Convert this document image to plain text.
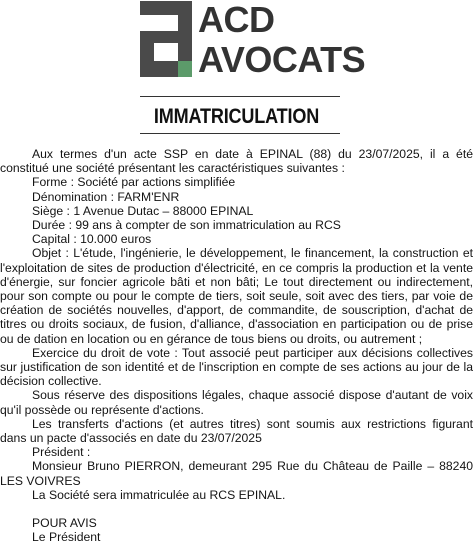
ACD
AVOCATS
IMMATRICULATION

Aux termes d'un acte SSP en date à EPINAL (88) du 23/07/2025, il a été constitué une société présentant les caractéristiques suivantes :

Forme : Société par actions simplifiée

Dénomination : FARM'ENR

Siège : 1 Avenue Dutac – 88000 EPINAL

Durée : 99 ans à compter de son immatriculation au RCS

Capital : 10.000 euros

Objet : L'étude, l'ingénierie, le développement, le financement, la construction et l'exploitation de sites de production d'électricité, en ce compris la production et la vente d'énergie, sur foncier agricole bâti et non bâti; Le tout directement ou indirectement, pour son compte ou pour le compte de tiers, soit seule, soit avec des tiers, par voie de création de sociétés nouvelles, d'apport, de commandite, de souscription, d'achat de titres ou droits sociaux, de fusion, d'alliance, d'association en participation ou de prise ou de dation en location ou en gérance de tous biens ou droits, ou autrement ;

Exercice du droit de vote : Tout associé peut participer aux décisions collectives sur justification de son identité et de l'inscription en compte de ses actions au jour de la décision collective.

Sous réserve des dispositions légales, chaque associé dispose d'autant de voix qu'il possède ou représente d'actions.

Les transferts d'actions (et autres titres) sont soumis aux restrictions figurant dans un pacte d'associés en date du 23/07/2025

Président :

Monsieur Bruno PIERRON, demeurant 295 Rue du Château de Paille – 88240 LES VOIVRES

La Société sera immatriculée au RCS EPINAL.

POUR AVIS

Le Président
